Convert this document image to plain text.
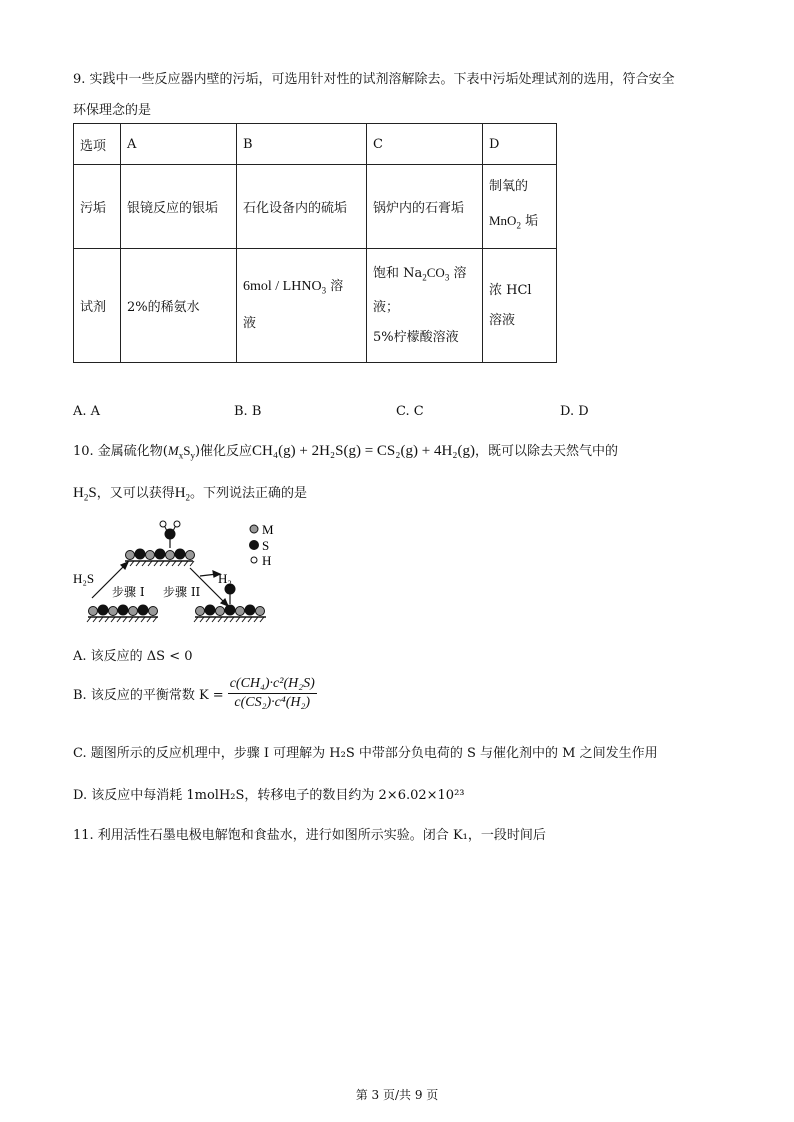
9. 实践中一些反应器内壁的污垢，可选用针对性的试剂溶解除去。下表中污垢处理试剂的选用，符合安全
环保理念的是
选项	A	B	C	D
污垢	银镜反应的银垢	石化设备内的硫垢	锅炉内的石膏垢	制氧的
MnO$_2$ 垢
试剂	2%的稀氨水	$6mol / LHNO_3$ 溶
液	饱和 $Na_2CO_3$ 溶
液；
5%柠檬酸溶液	浓 HCl
溶液
A. A	B. B	C. C	D. D
10. 金属硫化物$(M_xS_y)$催化反应CH₄(g) + 2H₂S(g) = CS₂(g) + 4H₂(g)，既可以除去天然气中的
$H_2S$，又可以获得$H_2$。下列说法正确的是
M
S
H
H₂S	H₂
步骤 I 步骤 II
A. 该反应的 ΔS < 0
B. 该反应的平衡常数 $K = \frac{\text{c(CH₄)·c²(H₂S)}}{\text{c(CS₂)·c⁴(H₂)}}$
C. 题图所示的反应机理中，步骤 I 可理解为 H₂S 中带部分负电荷的 S 与催化剂中的 M 之间发生作用
D. 该反应中每消耗 1molH₂S，转移电子的数目约为 2×6.02×10²³
11. 利用活性石墨电极电解饱和食盐水，进行如图所示实验。闭合 K₁，一段时间后
第 3 页/共 9 页
